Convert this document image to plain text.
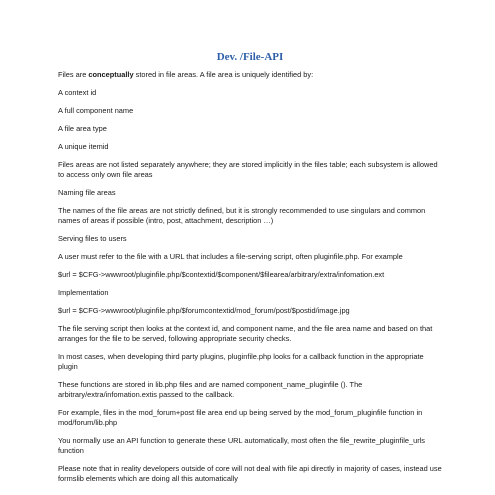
Dev. /File-API

Files are conceptually stored in file areas. A file area is uniquely identified by:

A context id

A full component name

A file area type

A unique itemid

Files areas are not listed separately anywhere; they are stored implicitly in the files table; each subsystem is allowed to access only own file areas

Naming file areas

The names of the file areas are not strictly defined, but it is strongly recommended to use singulars and common names of areas if possible (intro, post, attachment, description …)

Serving files to users

A user must refer to the file with a URL that includes a file-serving script, often pluginfile.php. For example

$url = $CFG->wwwroot/pluginfile.php/$contextid/$component/$filearea/arbitrary/extra/infomation.ext

Implementation

$url = $CFG->wwwroot/pluginfile.php/$forumcontextid/mod_forum/post/$postid/image.jpg

The file serving script then looks at the context id, and component name, and the file area name and based on that arranges for the file to be served, following appropriate security checks.

In most cases, when developing third party plugins, pluginfile.php looks for a callback function in the appropriate plugin

These functions are stored in lib.php files and are named component_name_pluginfile (). The arbitrary/extra/infomation.extis passed to the callback.

For example, files in the mod_forum+post file area end up being served by the mod_forum_pluginfile function in mod/forum/lib.php

You normally use an API function to generate these URL automatically, most often the file_rewrite_pluginfile_urls function

Please note that in reality developers outside of core will not deal with file api directly in majority of cases, instead use formslib elements which are doing all this automatically
